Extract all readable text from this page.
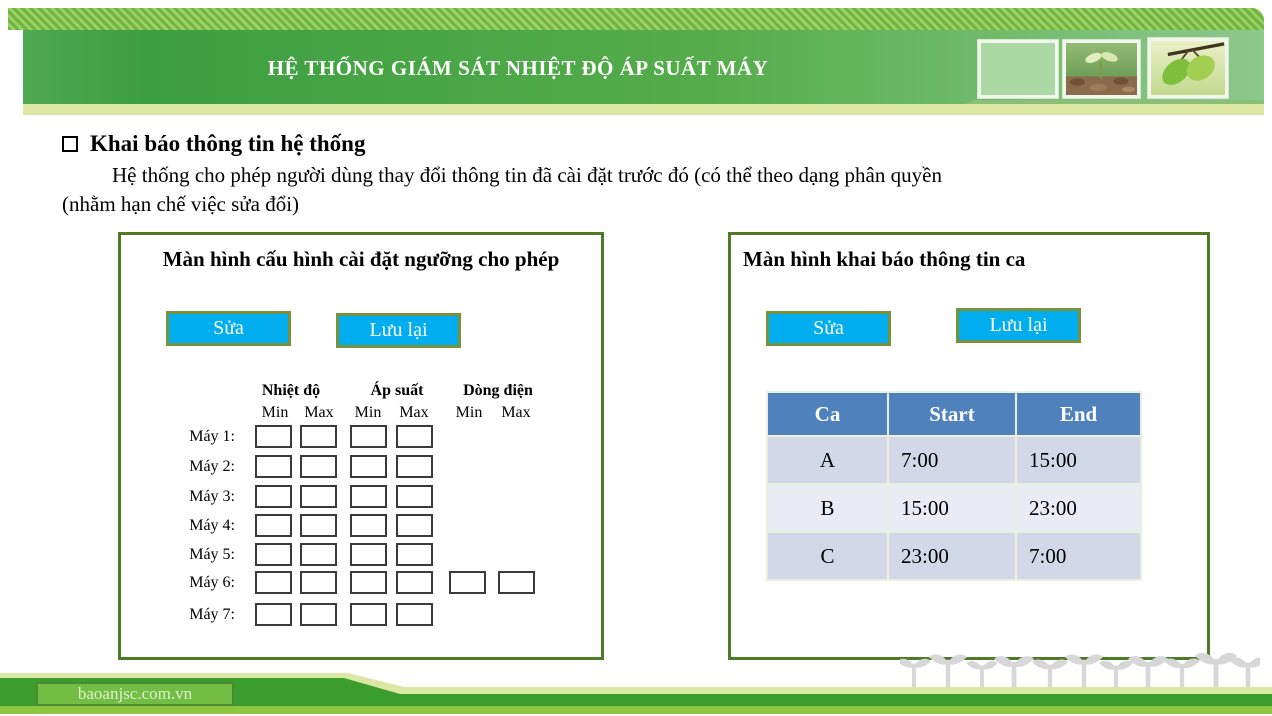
HỆ THỐNG GIÁM SÁT NHIỆT ĐỘ ÁP SUẤT MÁY
Khai báo thông tin hệ thống
Hệ thống cho phép người dùng thay đổi thông tin đã cài đặt trước đó (có thể theo dạng phân quyền
(nhằm hạn chế việc sửa đổi)
Màn hình cấu hình cài đặt ngưỡng cho phép
Sửa	Lưu lại
Nhiệt độ	Áp suất	Dòng điện
Min	Max	Min	Max	Min	Max
Máy 1:
Máy 2:
Máy 3:
Máy 4:
Máy 5:
Máy 6:
Máy 7:
Màn hình khai báo thông tin ca
Sửa	Lưu lại
Ca	Start	End
A	7:00	15:00
B	15:00	23:00
C	23:00	7:00
baoanjsc.com.vn
